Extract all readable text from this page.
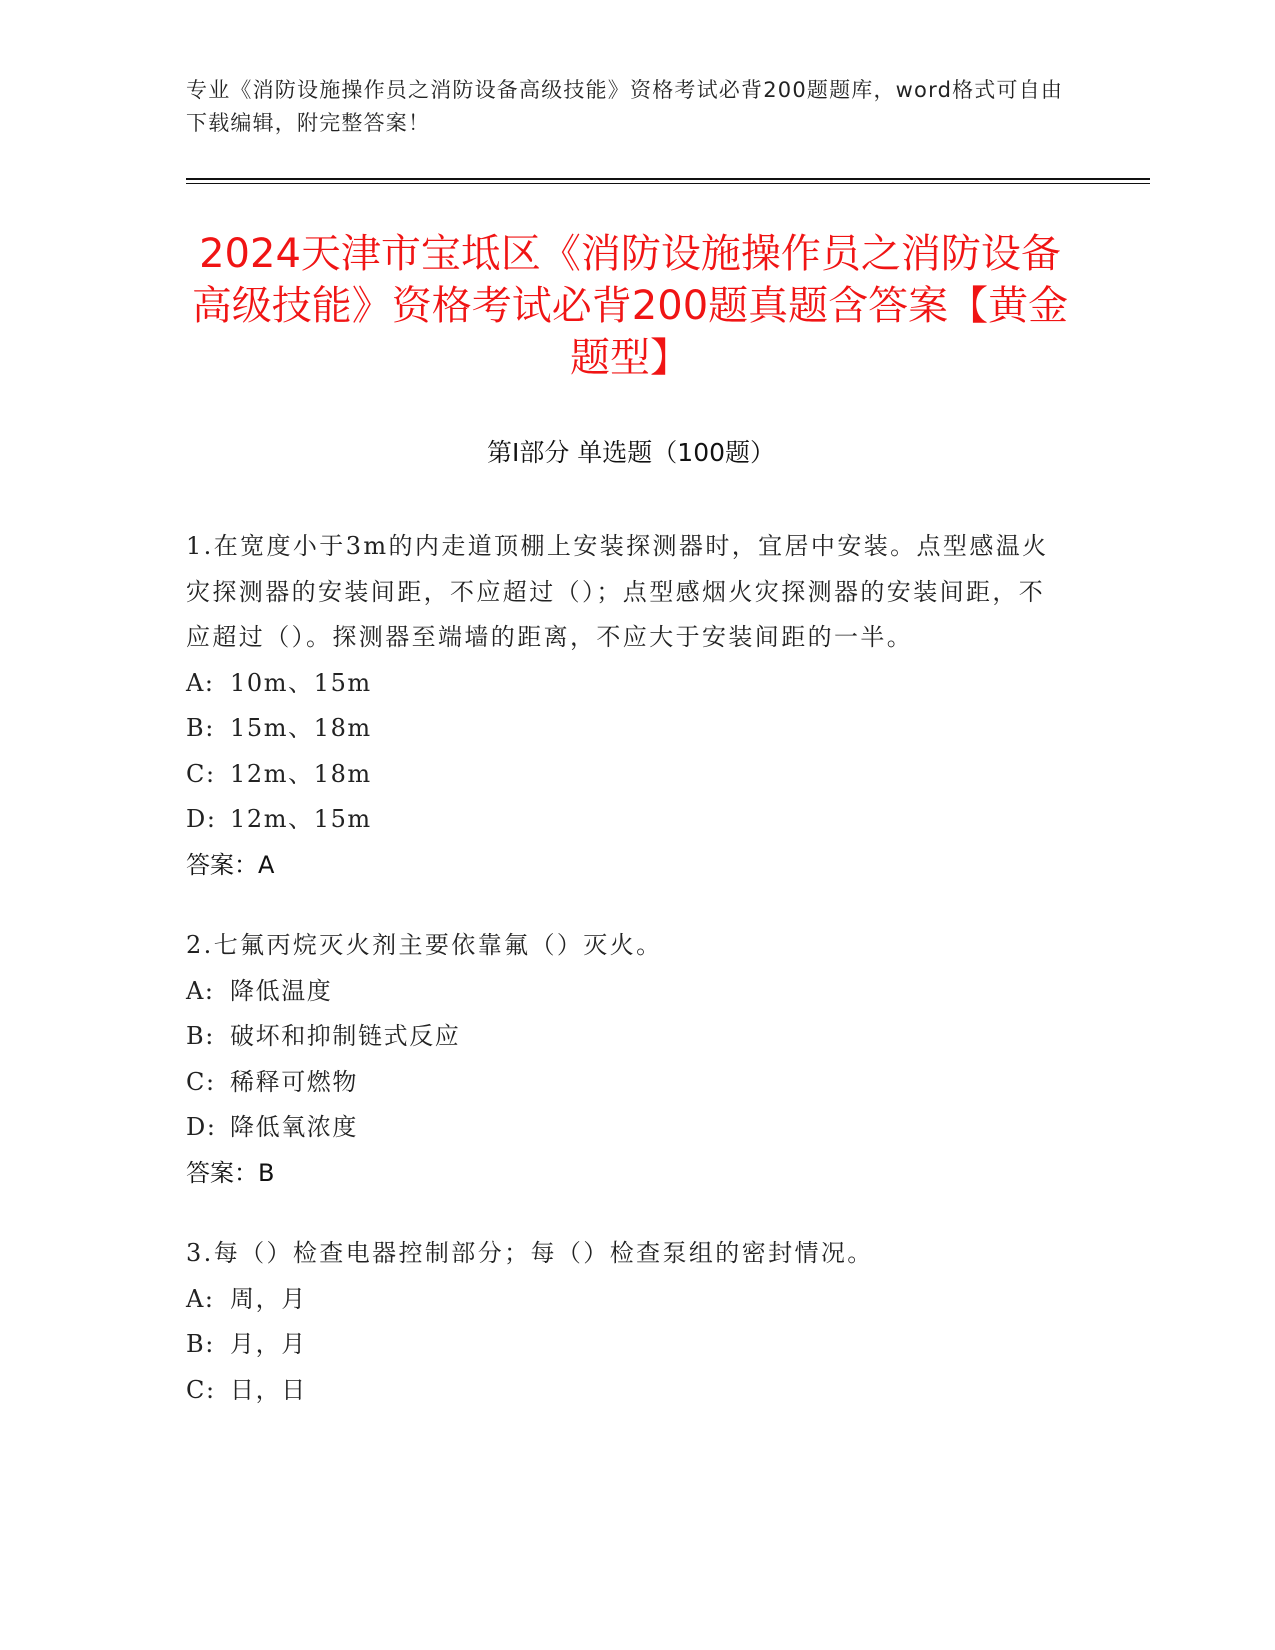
专业《消防设施操作员之消防设备高级技能》资格考试必背200题题库，word格式可自由下载编辑，附完整答案！
2024天津市宝坻区《消防设施操作员之消防设备高级技能》资格考试必背200题真题含答案【黄金题型】
第I部分 单选题（100题）
1.在宽度小于3m的内走道顶棚上安装探测器时，宜居中安装。点型感温火灾探测器的安装间距，不应超过（）；点型感烟火灾探测器的安装间距，不应超过（）。探测器至端墙的距离，不应大于安装间距的一半。
A: 10m、15m
B: 15m、18m
C: 12m、18m
D: 12m、15m
答案：A
2.七氟丙烷灭火剂主要依靠氟（）灭火。
A: 降低温度
B: 破坏和抑制链式反应
C: 稀释可燃物
D: 降低氧浓度
答案：B
3.每（）检查电器控制部分；每（）检查泵组的密封情况。
A: 周，月
B: 月，月
C: 日，日
